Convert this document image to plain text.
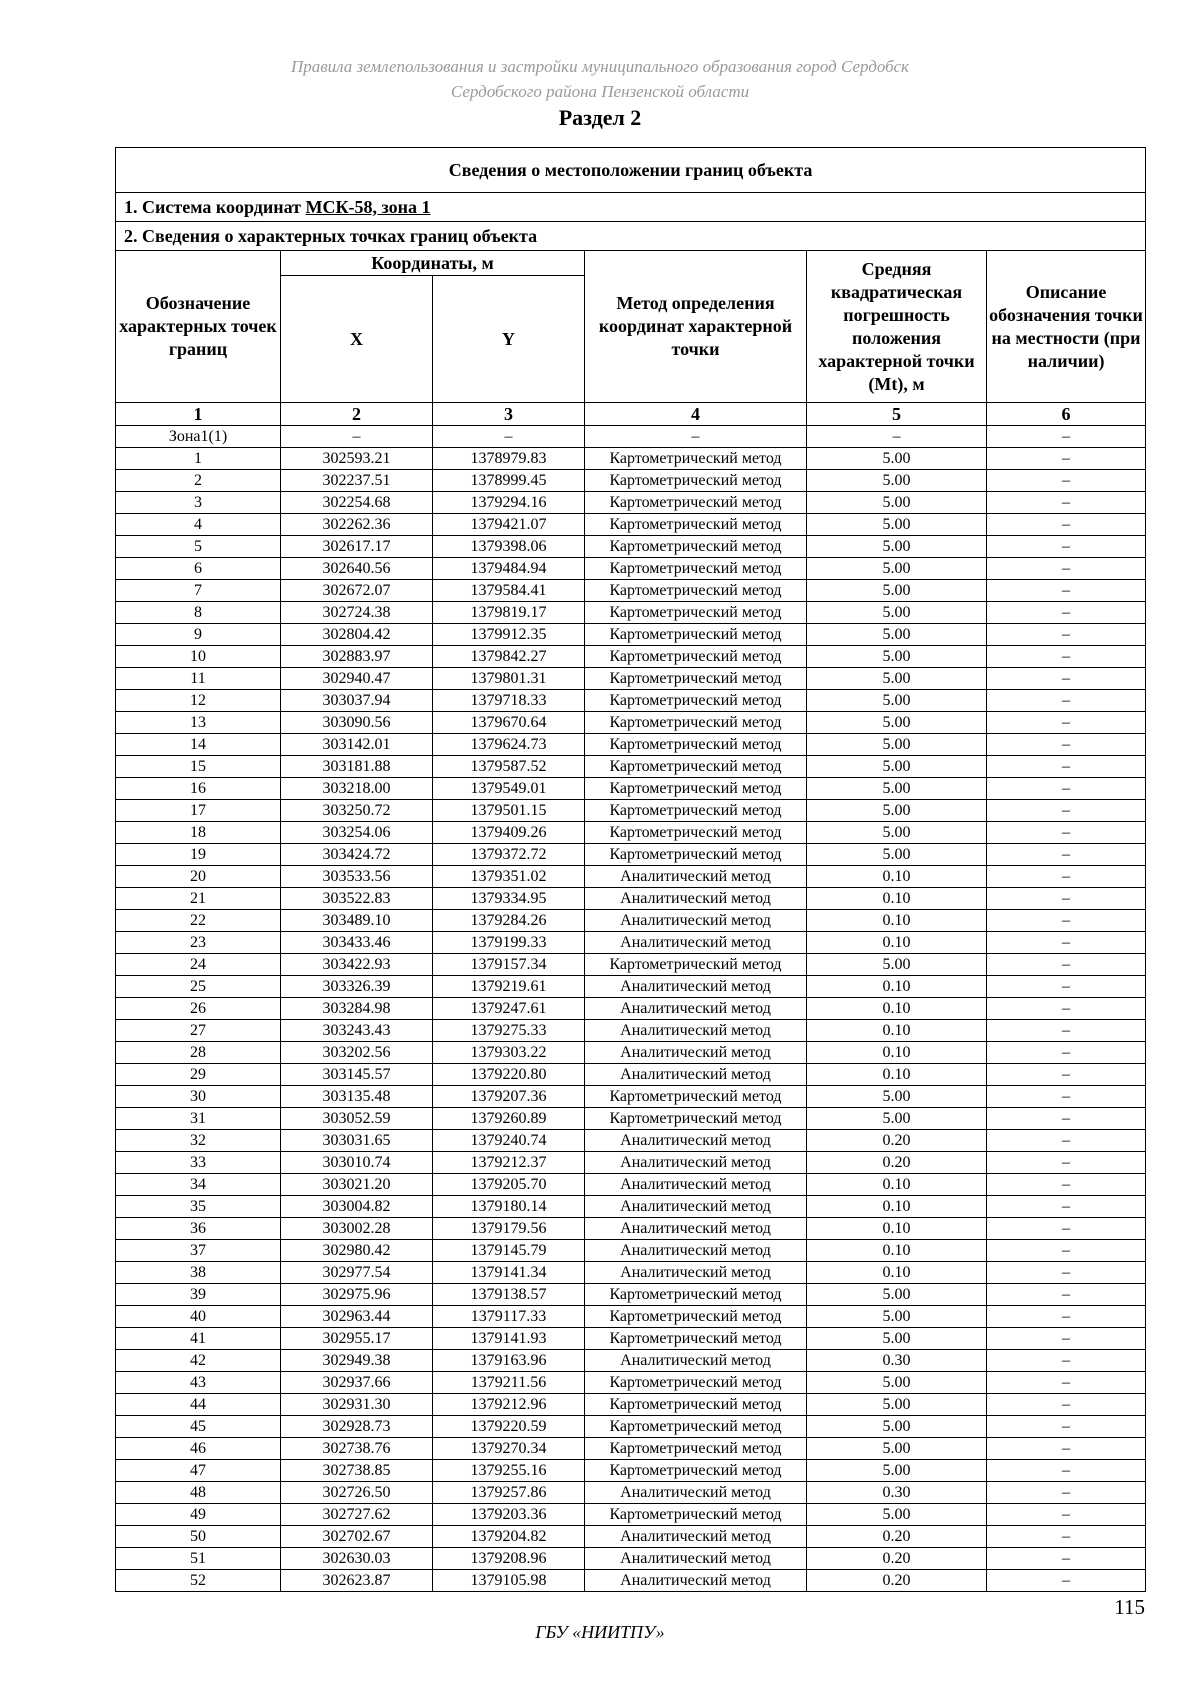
Правила землепользования и застройки муниципального образования город Сердобск
Сердобского района Пензенской области
Раздел 2
Сведения о местоположении границ объекта					
1. Система координат МСК-58, зона 1					
2. Сведения о характерных точках границ объекта					
Обозначение характерных точек границ	Координаты, м		Метод определения координат характерной точки	Средняя квадратическая погрешность положения характерной точки (Mt), м	Описание обозначения точки на местности (при наличии)
	X	Y			
1	2	3	4	5	6
Зона1(1)	–	–	–	–	–
1	302593.21	1378979.83	Картометрический метод	5.00	–
2	302237.51	1378999.45	Картометрический метод	5.00	–
3	302254.68	1379294.16	Картометрический метод	5.00	–
4	302262.36	1379421.07	Картометрический метод	5.00	–
5	302617.17	1379398.06	Картометрический метод	5.00	–
6	302640.56	1379484.94	Картометрический метод	5.00	–
7	302672.07	1379584.41	Картометрический метод	5.00	–
8	302724.38	1379819.17	Картометрический метод	5.00	–
9	302804.42	1379912.35	Картометрический метод	5.00	–
10	302883.97	1379842.27	Картометрический метод	5.00	–
11	302940.47	1379801.31	Картометрический метод	5.00	–
12	303037.94	1379718.33	Картометрический метод	5.00	–
13	303090.56	1379670.64	Картометрический метод	5.00	–
14	303142.01	1379624.73	Картометрический метод	5.00	–
15	303181.88	1379587.52	Картометрический метод	5.00	–
16	303218.00	1379549.01	Картометрический метод	5.00	–
17	303250.72	1379501.15	Картометрический метод	5.00	–
18	303254.06	1379409.26	Картометрический метод	5.00	–
19	303424.72	1379372.72	Картометрический метод	5.00	–
20	303533.56	1379351.02	Аналитический метод	0.10	–
21	303522.83	1379334.95	Аналитический метод	0.10	–
22	303489.10	1379284.26	Аналитический метод	0.10	–
23	303433.46	1379199.33	Аналитический метод	0.10	–
24	303422.93	1379157.34	Картометрический метод	5.00	–
25	303326.39	1379219.61	Аналитический метод	0.10	–
26	303284.98	1379247.61	Аналитический метод	0.10	–
27	303243.43	1379275.33	Аналитический метод	0.10	–
28	303202.56	1379303.22	Аналитический метод	0.10	–
29	303145.57	1379220.80	Аналитический метод	0.10	–
30	303135.48	1379207.36	Картометрический метод	5.00	–
31	303052.59	1379260.89	Картометрический метод	5.00	–
32	303031.65	1379240.74	Аналитический метод	0.20	–
33	303010.74	1379212.37	Аналитический метод	0.20	–
34	303021.20	1379205.70	Аналитический метод	0.10	–
35	303004.82	1379180.14	Аналитический метод	0.10	–
36	303002.28	1379179.56	Аналитический метод	0.10	–
37	302980.42	1379145.79	Аналитический метод	0.10	–
38	302977.54	1379141.34	Аналитический метод	0.10	–
39	302975.96	1379138.57	Картометрический метод	5.00	–
40	302963.44	1379117.33	Картометрический метод	5.00	–
41	302955.17	1379141.93	Картометрический метод	5.00	–
42	302949.38	1379163.96	Аналитический метод	0.30	–
43	302937.66	1379211.56	Картометрический метод	5.00	–
44	302931.30	1379212.96	Картометрический метод	5.00	–
45	302928.73	1379220.59	Картометрический метод	5.00	–
46	302738.76	1379270.34	Картометрический метод	5.00	–
47	302738.85	1379255.16	Картометрический метод	5.00	–
48	302726.50	1379257.86	Аналитический метод	0.30	–
49	302727.62	1379203.36	Картометрический метод	5.00	–
50	302702.67	1379204.82	Аналитический метод	0.20	–
51	302630.03	1379208.96	Аналитический метод	0.20	–
52	302623.87	1379105.98	Аналитический метод	0.20	–
115
ГБУ «НИИТПУ»
